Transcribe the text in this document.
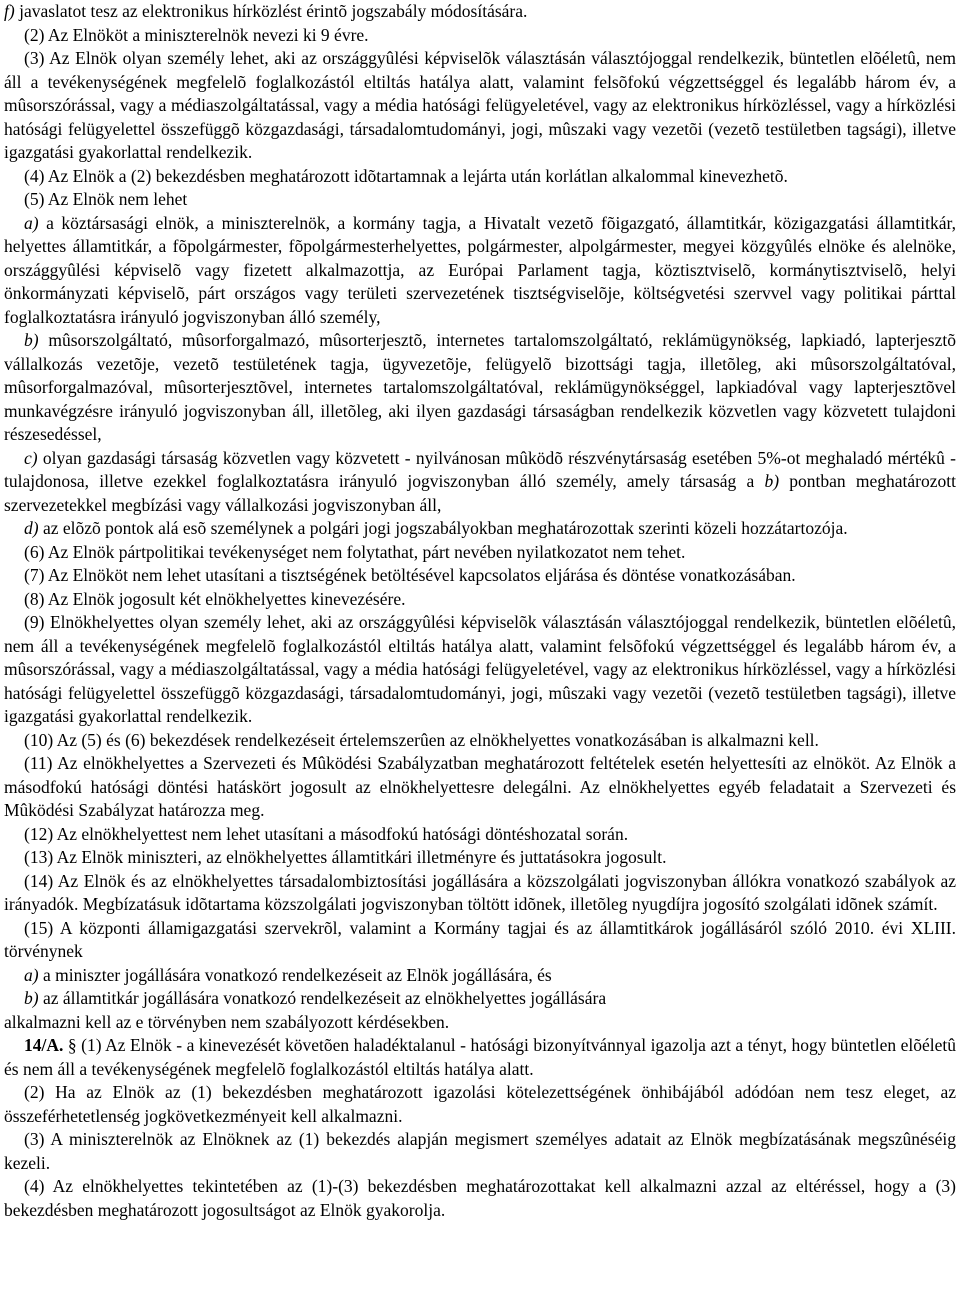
f) javaslatot tesz az elektronikus hírközlést érintõ jogszabály módosítására.

(2) Az Elnököt a miniszterelnök nevezi ki 9 évre.

(3) Az Elnök olyan személy lehet, aki az országgyûlési képviselõk választásán választójoggal rendelkezik, büntetlen elõéletû, nem áll a tevékenységének megfelelõ foglalkozástól eltiltás hatálya alatt, valamint felsõfokú végzettséggel és legalább három év, a mûsorszórással, vagy a médiaszolgáltatással, vagy a média hatósági felügyeletével, vagy az elektronikus hírközléssel, vagy a hírközlési hatósági felügyelettel összefüggõ közgazdasági, társadalomtudományi, jogi, mûszaki vagy vezetõi (vezetõ testületben tagsági), illetve igazgatási gyakorlattal rendelkezik.

(4) Az Elnök a (2) bekezdésben meghatározott idõtartamnak a lejárta után korlátlan alkalommal kinevezhetõ.

(5) Az Elnök nem lehet

a) a köztársasági elnök, a miniszterelnök, a kormány tagja, a Hivatalt vezetõ fõigazgató, államtitkár, közigazgatási államtitkár, helyettes államtitkár, a fõpolgármester, fõpolgármesterhelyettes, polgármester, alpolgármester, megyei közgyûlés elnöke és alelnöke, országgyûlési képviselõ vagy fizetett alkalmazottja, az Európai Parlament tagja, köztisztviselõ, kormánytisztviselõ, helyi önkormányzati képviselõ, párt országos vagy területi szervezetének tisztségviselõje, költségvetési szervvel vagy politikai párttal foglalkoztatásra irányuló jogviszonyban álló személy,

b) mûsorszolgáltató, mûsorforgalmazó, mûsorterjesztõ, internetes tartalomszolgáltató, reklámügynökség, lapkiadó, lapterjesztõ vállalkozás vezetõje, vezetõ testületének tagja, ügyvezetõje, felügyelõ bizottsági tagja, illetõleg, aki mûsorszolgáltatóval, mûsorforgalmazóval, mûsorterjesztõvel, internetes tartalomszolgáltatóval, reklámügynökséggel, lapkiadóval vagy lapterjesztõvel munkavégzésre irányuló jogviszonyban áll, illetõleg, aki ilyen gazdasági társaságban rendelkezik közvetlen vagy közvetett tulajdoni részesedéssel,

c) olyan gazdasági társaság közvetlen vagy közvetett - nyilvánosan mûködõ részvénytársaság esetében 5%-ot meghaladó mértékû - tulajdonosa, illetve ezekkel foglalkoztatásra irányuló jogviszonyban álló személy, amely társaság a b) pontban meghatározott szervezetekkel megbízási vagy vállalkozási jogviszonyban áll,

d) az elõzõ pontok alá esõ személynek a polgári jogi jogszabályokban meghatározottak szerinti közeli hozzátartozója.

(6) Az Elnök pártpolitikai tevékenységet nem folytathat, párt nevében nyilatkozatot nem tehet.

(7) Az Elnököt nem lehet utasítani a tisztségének betöltésével kapcsolatos eljárása és döntése vonatkozásában.

(8) Az Elnök jogosult két elnökhelyettes kinevezésére.

(9) Elnökhelyettes olyan személy lehet, aki az országgyûlési képviselõk választásán választójoggal rendelkezik, büntetlen elõéletû, nem áll a tevékenységének megfelelõ foglalkozástól eltiltás hatálya alatt, valamint felsõfokú végzettséggel és legalább három év, a mûsorszórással, vagy a médiaszolgáltatással, vagy a média hatósági felügyeletével, vagy az elektronikus hírközléssel, vagy a hírközlési hatósági felügyelettel összefüggõ közgazdasági, társadalomtudományi, jogi, mûszaki vagy vezetõi (vezetõ testületben tagsági), illetve igazgatási gyakorlattal rendelkezik.

(10) Az (5) és (6) bekezdések rendelkezéseit értelemszerûen az elnökhelyettes vonatkozásában is alkalmazni kell.

(11) Az elnökhelyettes a Szervezeti és Mûködési Szabályzatban meghatározott feltételek esetén helyettesíti az elnököt. Az Elnök a másodfokú hatósági döntési hatáskört jogosult az elnökhelyettesre delegálni. Az elnökhelyettes egyéb feladatait a Szervezeti és Mûködési Szabályzat határozza meg.

(12) Az elnökhelyettest nem lehet utasítani a másodfokú hatósági döntéshozatal során.

(13) Az Elnök miniszteri, az elnökhelyettes államtitkári illetményre és juttatásokra jogosult.

(14) Az Elnök és az elnökhelyettes társadalombiztosítási jogállására a közszolgálati jogviszonyban állókra vonatkozó szabályok az irányadók. Megbízatásuk idõtartama közszolgálati jogviszonyban töltött idõnek, illetõleg nyugdíjra jogosító szolgálati idõnek számít.

(15) A központi államigazgatási szervekrõl, valamint a Kormány tagjai és az államtitkárok jogállásáról szóló 2010. évi XLIII. törvénynek

a) a miniszter jogállására vonatkozó rendelkezéseit az Elnök jogállására, és

b) az államtitkár jogállására vonatkozó rendelkezéseit az elnökhelyettes jogállására

alkalmazni kell az e törvényben nem szabályozott kérdésekben.

14/A. § (1) Az Elnök - a kinevezését követõen haladéktalanul - hatósági bizonyítvánnyal igazolja azt a tényt, hogy büntetlen elõéletû és nem áll a tevékenységének megfelelõ foglalkozástól eltiltás hatálya alatt.

(2) Ha az Elnök az (1) bekezdésben meghatározott igazolási kötelezettségének önhibájából adódóan nem tesz eleget, az összeférhetetlenség jogkövetkezményeit kell alkalmazni.

(3) A miniszterelnök az Elnöknek az (1) bekezdés alapján megismert személyes adatait az Elnök megbízatásának megszûnéséig kezeli.

(4) Az elnökhelyettes tekintetében az (1)-(3) bekezdésben meghatározottakat kell alkalmazni azzal az eltéréssel, hogy a (3) bekezdésben meghatározott jogosultságot az Elnök gyakorolja.
